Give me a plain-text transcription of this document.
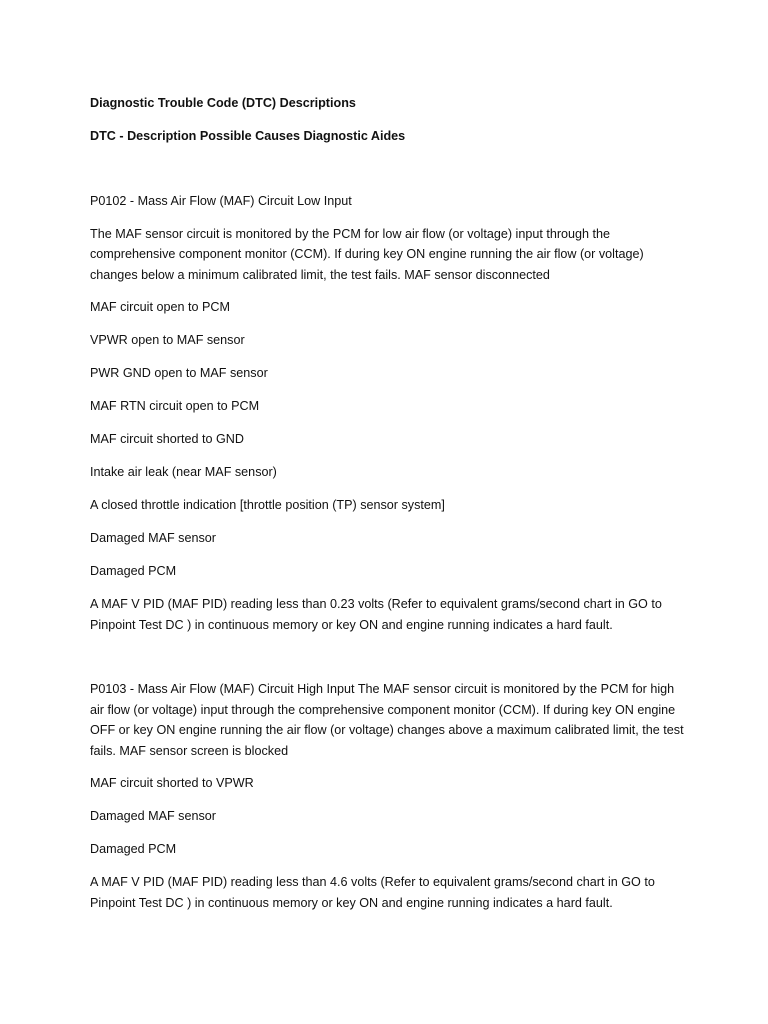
Diagnostic Trouble Code (DTC) Descriptions

DTC - Description Possible Causes Diagnostic Aides

P0102 - Mass Air Flow (MAF) Circuit Low Input

The MAF sensor circuit is monitored by the PCM for low air flow (or voltage) input through the comprehensive component monitor (CCM). If during key ON engine running the air flow (or voltage) changes below a minimum calibrated limit, the test fails. MAF sensor disconnected

MAF circuit open to PCM

VPWR open to MAF sensor

PWR GND open to MAF sensor

MAF RTN circuit open to PCM

MAF circuit shorted to GND

Intake air leak (near MAF sensor)

A closed throttle indication [throttle position (TP) sensor system]

Damaged MAF sensor

Damaged PCM

A MAF V PID (MAF PID) reading less than 0.23 volts (Refer to equivalent grams/second chart in GO to Pinpoint Test DC ) in continuous memory or key ON and engine running indicates a hard fault.

P0103 - Mass Air Flow (MAF) Circuit High Input The MAF sensor circuit is monitored by the PCM for high air flow (or voltage) input through the comprehensive component monitor (CCM). If during key ON engine OFF or key ON engine running the air flow (or voltage) changes above a maximum calibrated limit, the test fails. MAF sensor screen is blocked

MAF circuit shorted to VPWR

Damaged MAF sensor

Damaged PCM

A MAF V PID (MAF PID) reading less than 4.6 volts (Refer to equivalent grams/second chart in GO to Pinpoint Test DC ) in continuous memory or key ON and engine running indicates a hard fault.
